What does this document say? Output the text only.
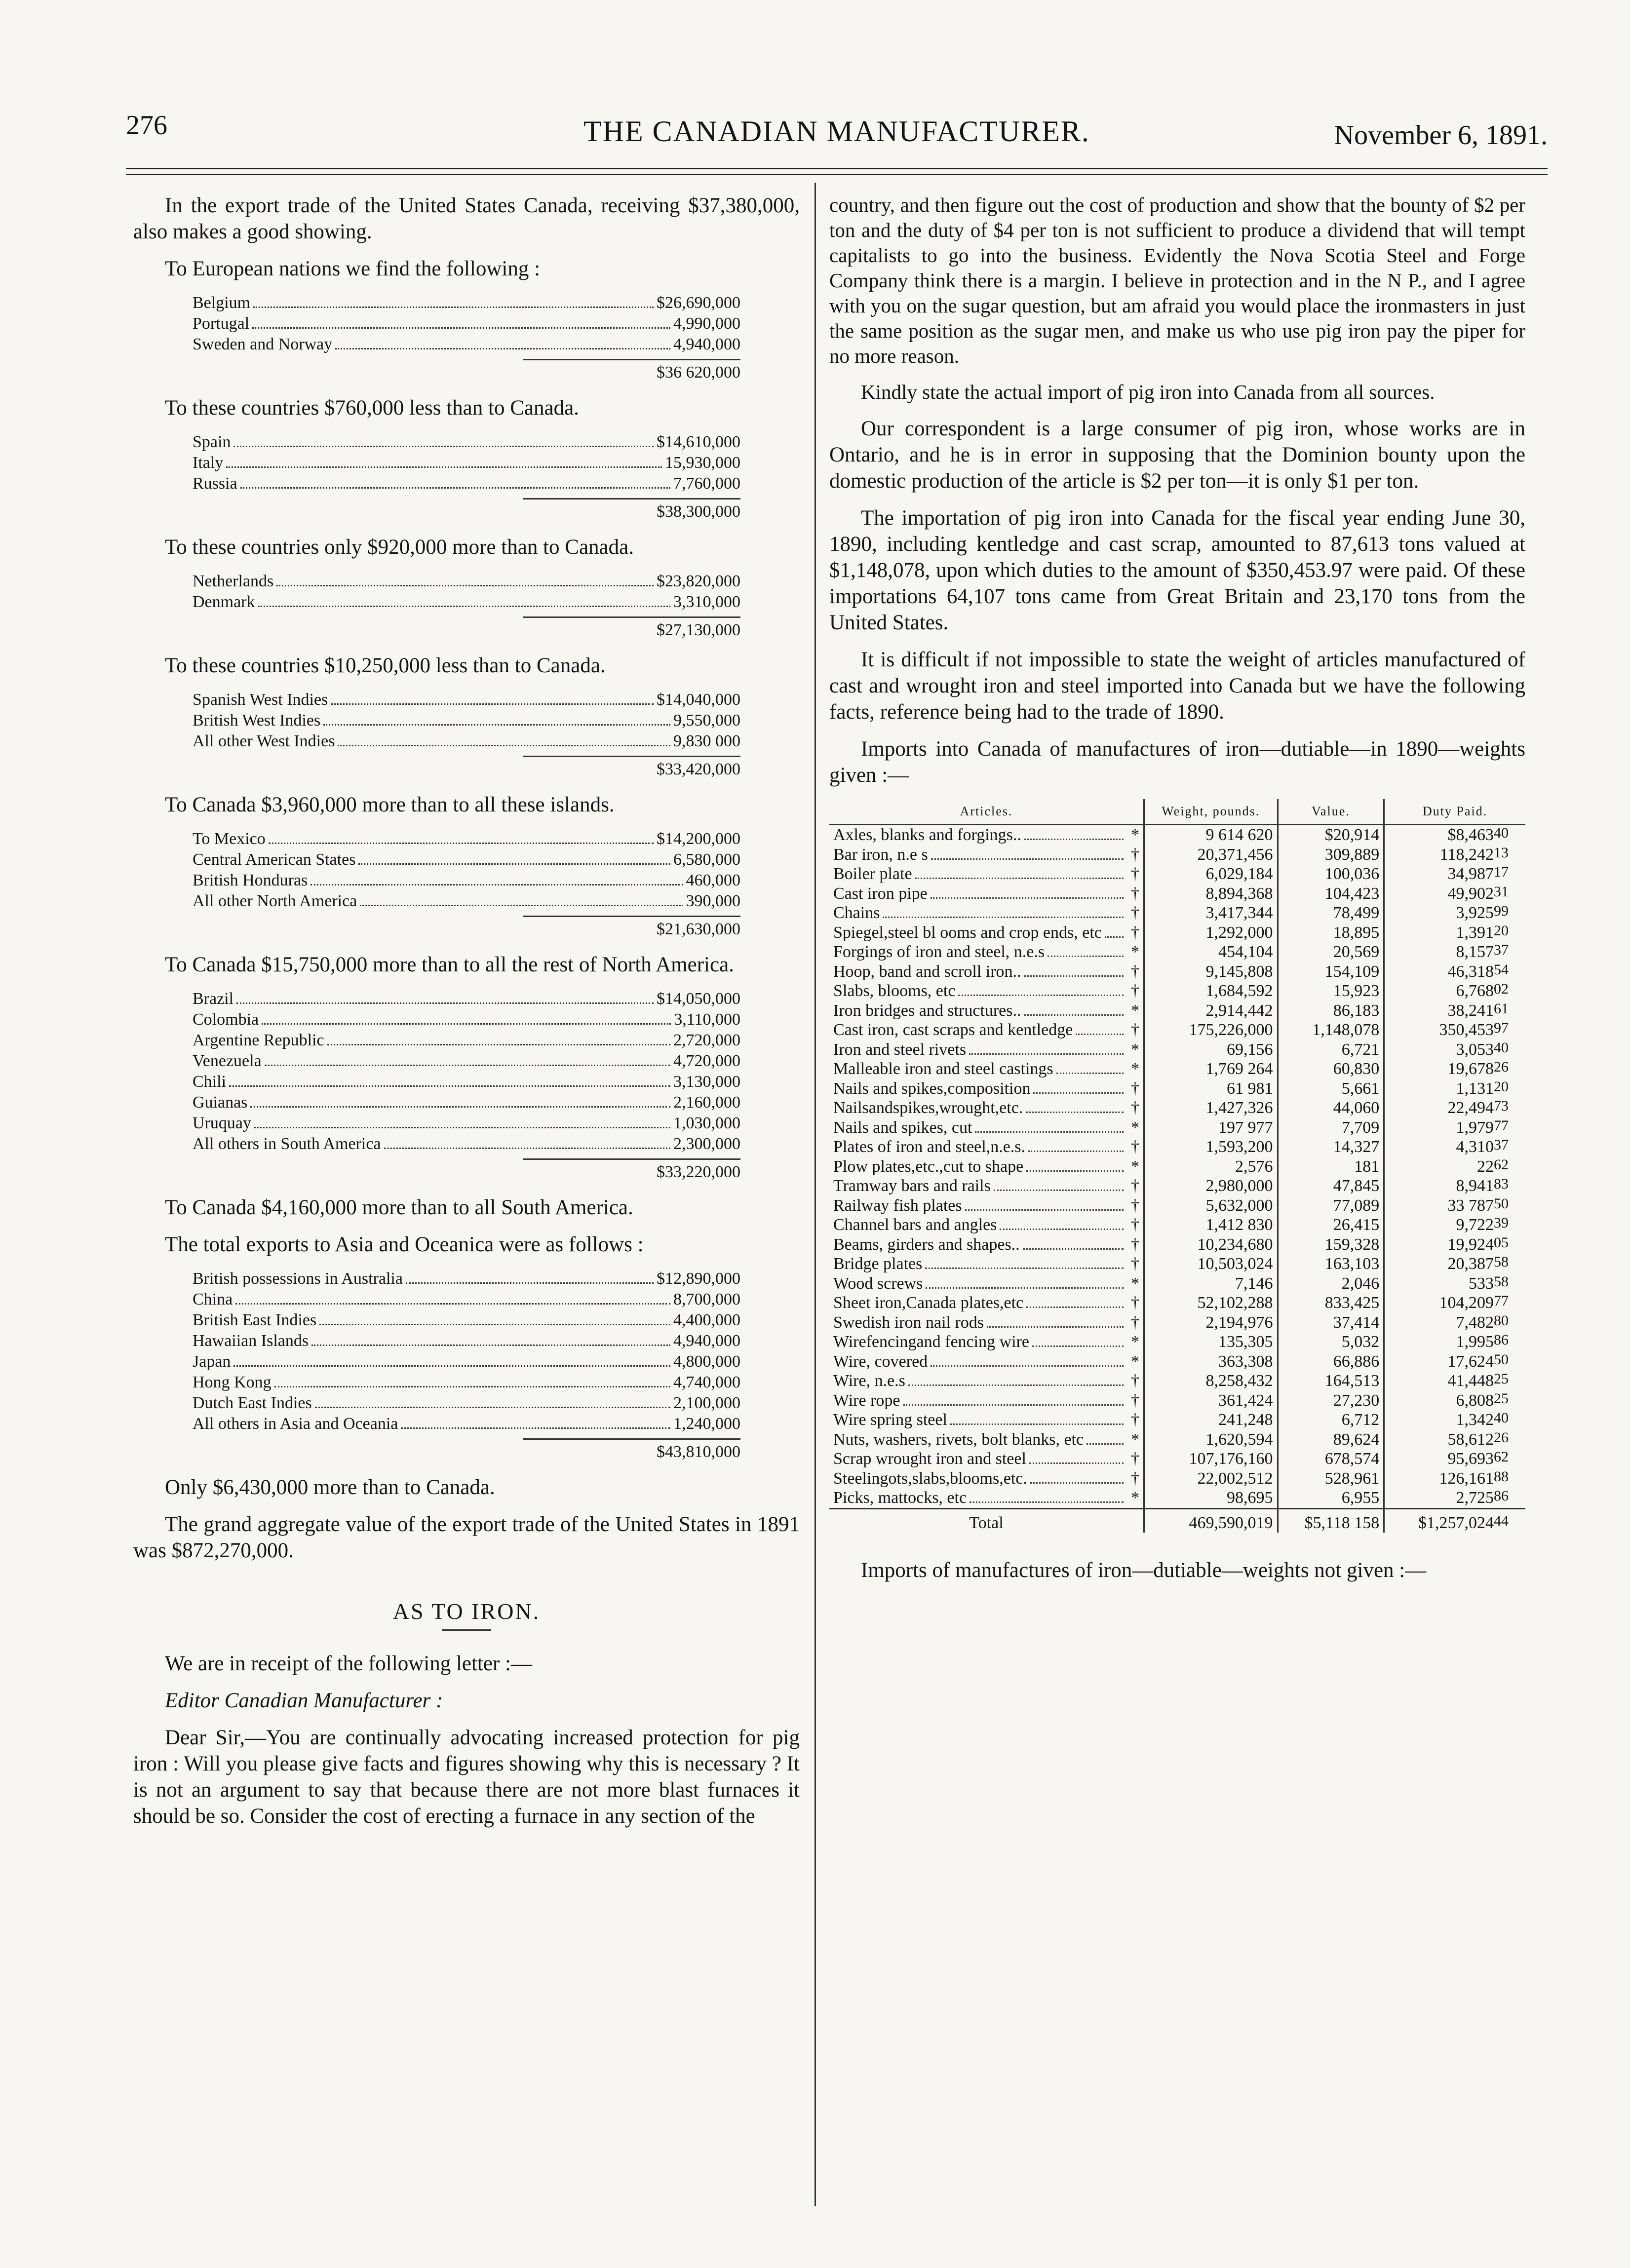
276	THE CANADIAN MANUFACTURER.	November 6, 1891.

In the export trade of the United States Canada, receiving $37,380,000, also makes a good showing.

To European nations we find the following :

Belgium	$26,690,000
Portugal	4,990,000
Sweden and Norway	4,940,000
$36 620,000

To these countries $760,000 less than to Canada.

Spain	$14,610,000
Italy	15,930,000
Russia	7,760,000
$38,300,000

To these countries only $920,000 more than to Canada.

Netherlands	$23,820,000
Denmark	3,310,000
$27,130,000

To these countries $10,250,000 less than to Canada.

Spanish West Indies	$14,040,000
British West Indies	9,550,000
All other West Indies	9,830 000
$33,420,000

To Canada $3,960,000 more than to all these islands.

To Mexico	$14,200,000
Central American States	6,580,000
British Honduras	460,000
All other North America	390,000
$21,630,000

To Canada $15,750,000 more than to all the rest of North America.

Brazil	$14,050,000
Colombia	3,110,000
Argentine Republic	2,720,000
Venezuela	4,720,000
Chili	3,130,000
Guianas	2,160,000
Uruquay	1,030,000
All others in South America	2,300,000
$33,220,000

To Canada $4,160,000 more than to all South America.

The total exports to Asia and Oceanica were as follows :

British possessions in Australia	$12,890,000
China	8,700,000
British East Indies	4,400,000
Hawaiian Islands	4,940,000
Japan	4,800,000
Hong Kong	4,740,000
Dutch East Indies	2,100,000
All others in Asia and Oceania	1,240,000
$43,810,000

Only $6,430,000 more than to Canada.

The grand aggregate value of the export trade of the United States in 1891 was $872,270,000.

AS TO IRON.

We are in receipt of the following letter :—

Editor Canadian Manufacturer :

Dear Sir,—You are continually advocating increased protection for pig iron : Will you please give facts and figures showing why this is necessary ? It is not an argument to say that because there are not more blast furnaces it should be so. Consider the cost of erecting a furnace in any section of the

country, and then figure out the cost of production and show that the bounty of $2 per ton and the duty of $4 per ton is not sufficient to produce a dividend that will tempt capitalists to go into the business. Evidently the Nova Scotia Steel and Forge Company think there is a margin. I believe in protection and in the N P., and I agree with you on the sugar question, but am afraid you would place the ironmasters in just the same position as the sugar men, and make us who use pig iron pay the piper for no more reason.

Kindly state the actual import of pig iron into Canada from all sources.

Our correspondent is a large consumer of pig iron, whose works are in Ontario, and he is in error in supposing that the Dominion bounty upon the domestic production of the article is $2 per ton—it is only $1 per ton.

The importation of pig iron into Canada for the fiscal year ending June 30, 1890, including kentledge and cast scrap, amounted to 87,613 tons valued at $1,148,078, upon which duties to the amount of $350,453.97 were paid. Of these importations 64,107 tons came from Great Britain and 23,170 tons from the United States.

It is difficult if not impossible to state the weight of articles manufactured of cast and wrought iron and steel imported into Canada but we have the following facts, reference being had to the trade of 1890.

Imports into Canada of manufactures of iron—dutiable—in 1890—weights given :—

Articles.	Weight, pounds.	Value.	Duty Paid.

Axles, blanks and forgings.. *	9 614 620	$20,914	$8,46340

Bar iron, n.e s †	20,371,456	309,889	118,24213

Boiler plate †	6,029,184	100,036	34,98717

Cast iron pipe †	8,894,368	104,423	49,90231

Chains †	3,417,344	78,499	3,92599

Spiegel,steel bl ooms and crop ends, etc †	1,292,000	18,895	1,39120

Forgings of iron and steel, n.e.s *	454,104	20,569	8,15737

Hoop, band and scroll iron.. †	9,145,808	154,109	46,31854

Slabs, blooms, etc †	1,684,592	15,923	6,76802

Iron bridges and structures.. *	2,914,442	86,183	38,24161

Cast iron, cast scraps and kentledge †	175,226,000	1,148,078	350,45397

Iron and steel rivets *	69,156	6,721	3,05340

Malleable iron and steel castings *	1,769 264	60,830	19,67826

Nails and spikes,composition †	61 981	5,661	1,13120

Nailsandspikes,wrought,etc. †	1,427,326	44,060	22,49473

Nails and spikes, cut *	197 977	7,709	1,97977

Plates of iron and steel,n.e.s. †	1,593,200	14,327	4,31037

Plow plates,etc.,cut to shape *	2,576	181	2262

Tramway bars and rails †	2,980,000	47,845	8,94183

Railway fish plates †	5,632,000	77,089	33 78750

Channel bars and angles †	1,412 830	26,415	9,72239

Beams, girders and shapes.. †	10,234,680	159,328	19,92405

Bridge plates †	10,503,024	163,103	20,38758

Wood screws *	7,146	2,046	53358

Sheet iron,Canada plates,etc †	52,102,288	833,425	104,20977

Swedish iron nail rods †	2,194,976	37,414	7,48280

Wirefencingand fencing wire *	135,305	5,032	1,99586

Wire, covered *	363,308	66,886	17,62450

Wire, n.e.s †	8,258,432	164,513	41,44825

Wire rope †	361,424	27,230	6,80825

Wire spring steel †	241,248	6,712	1,34240

Nuts, washers, rivets, bolt blanks, etc *	1,620,594	89,624	58,61226

Scrap wrought iron and steel †	107,176,160	678,574	95,69362

Steelingots,slabs,blooms,etc. †	22,002,512	528,961	126,16188

Picks, mattocks, etc *	98,695	6,955	2,72586
Total	469,590,019	$5,118 158	$1,257,02444

Imports of manufactures of iron—dutiable—weights not given :—
